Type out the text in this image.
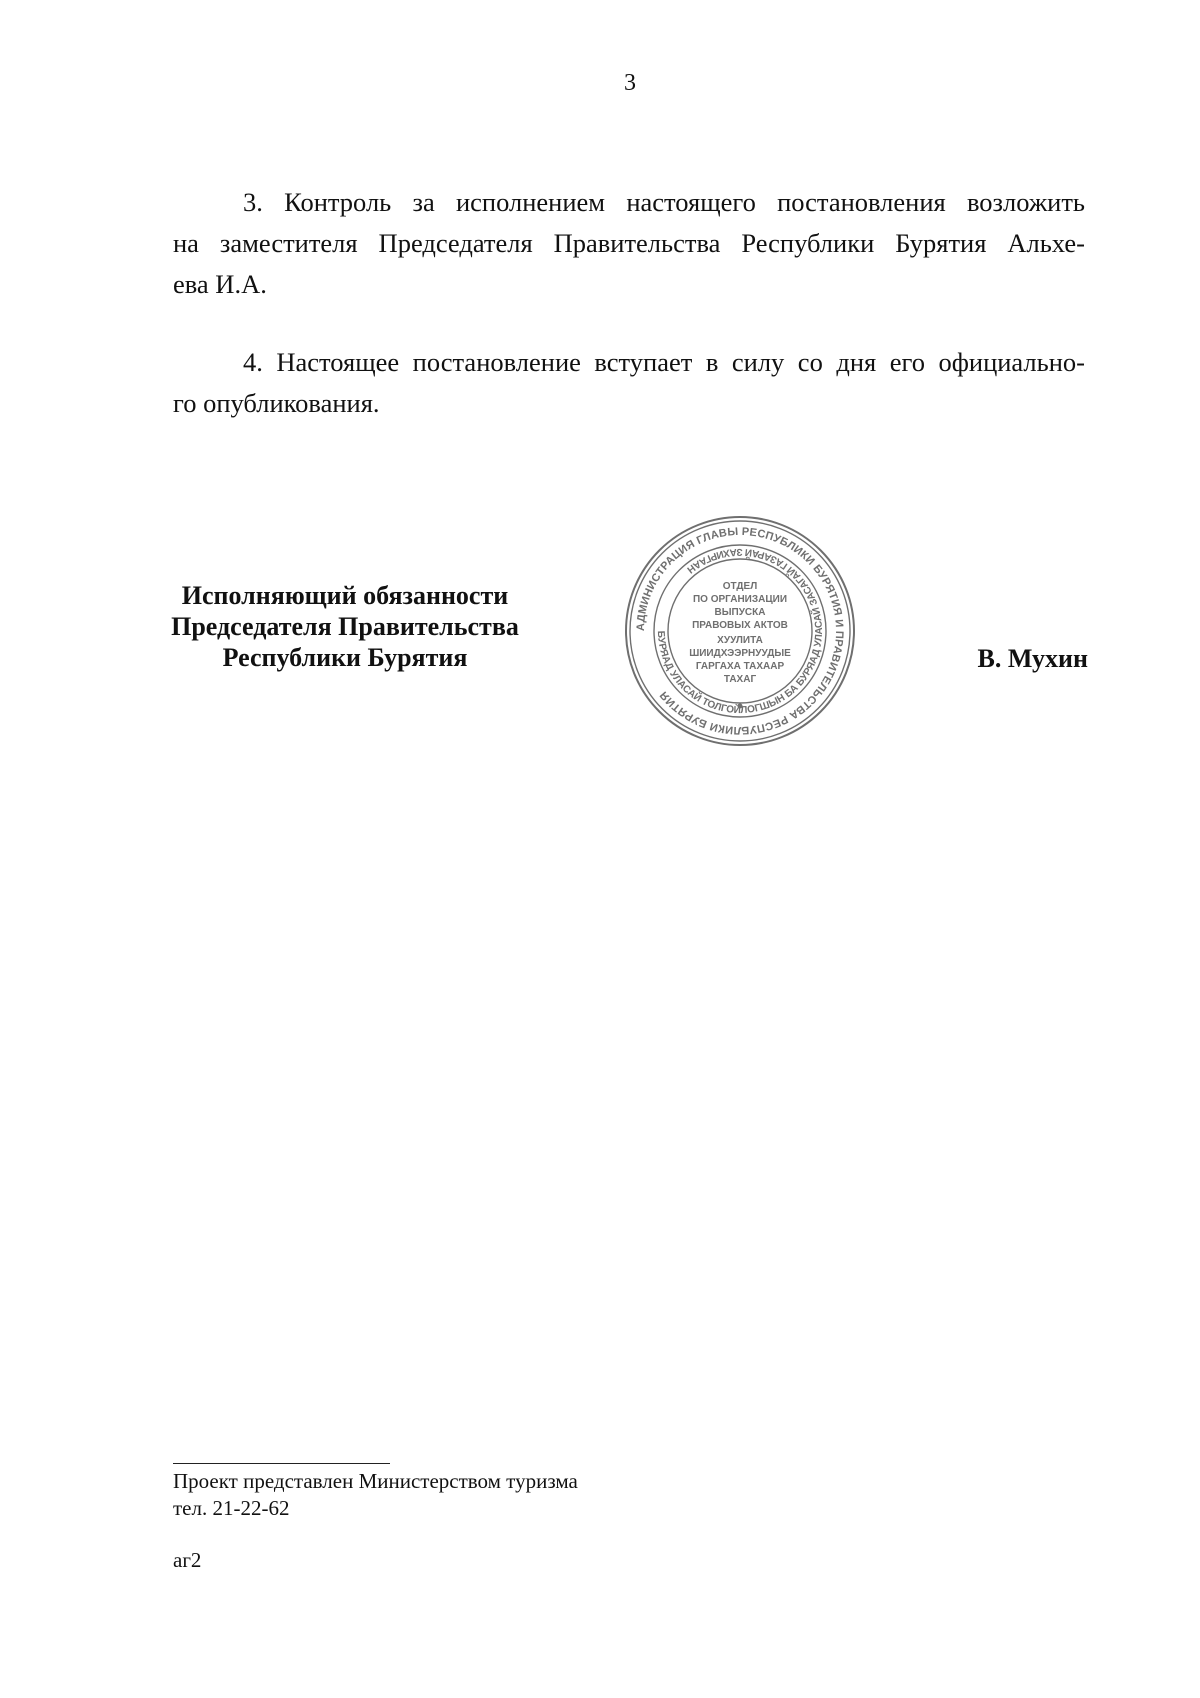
3
3. Контроль за исполнением настоящего постановления возложить
на заместителя Председателя Правительства Республики Бурятия Альхе-
ева И.А.
4. Настоящее постановление вступает в силу со дня его официально-
го опубликования.
Исполняющий обязанности
Председателя Правительства
Республики Бурятия	В. Мухин
АДМИНИСТРАЦИЯ ГЛАВЫ РЕСПУБЛИКИ БУРЯТИЯ И ПРАВИТЕЛЬСТВА РЕСПУБЛИКИ БУРЯТИЯ
БУРЯАД УЛАСАЙ ТОЛГОЙЛОГШЫН БА БУРЯАД УЛАСАЙ ЗАСАГАЙ ГАЗАРАЙ ЗАХИРГААН
ОТДЕЛ
ПО ОРГАНИЗАЦИИ
ВЫПУСКА
ПРАВОВЫХ АКТОВ
ХУУЛИТА
ШИИДХЭЭРНУУДЫЕ
ГАРГАХА ТАХААР
ТАХАГ
Проект представлен Министерством туризма
тел. 21-22-62
аг2
